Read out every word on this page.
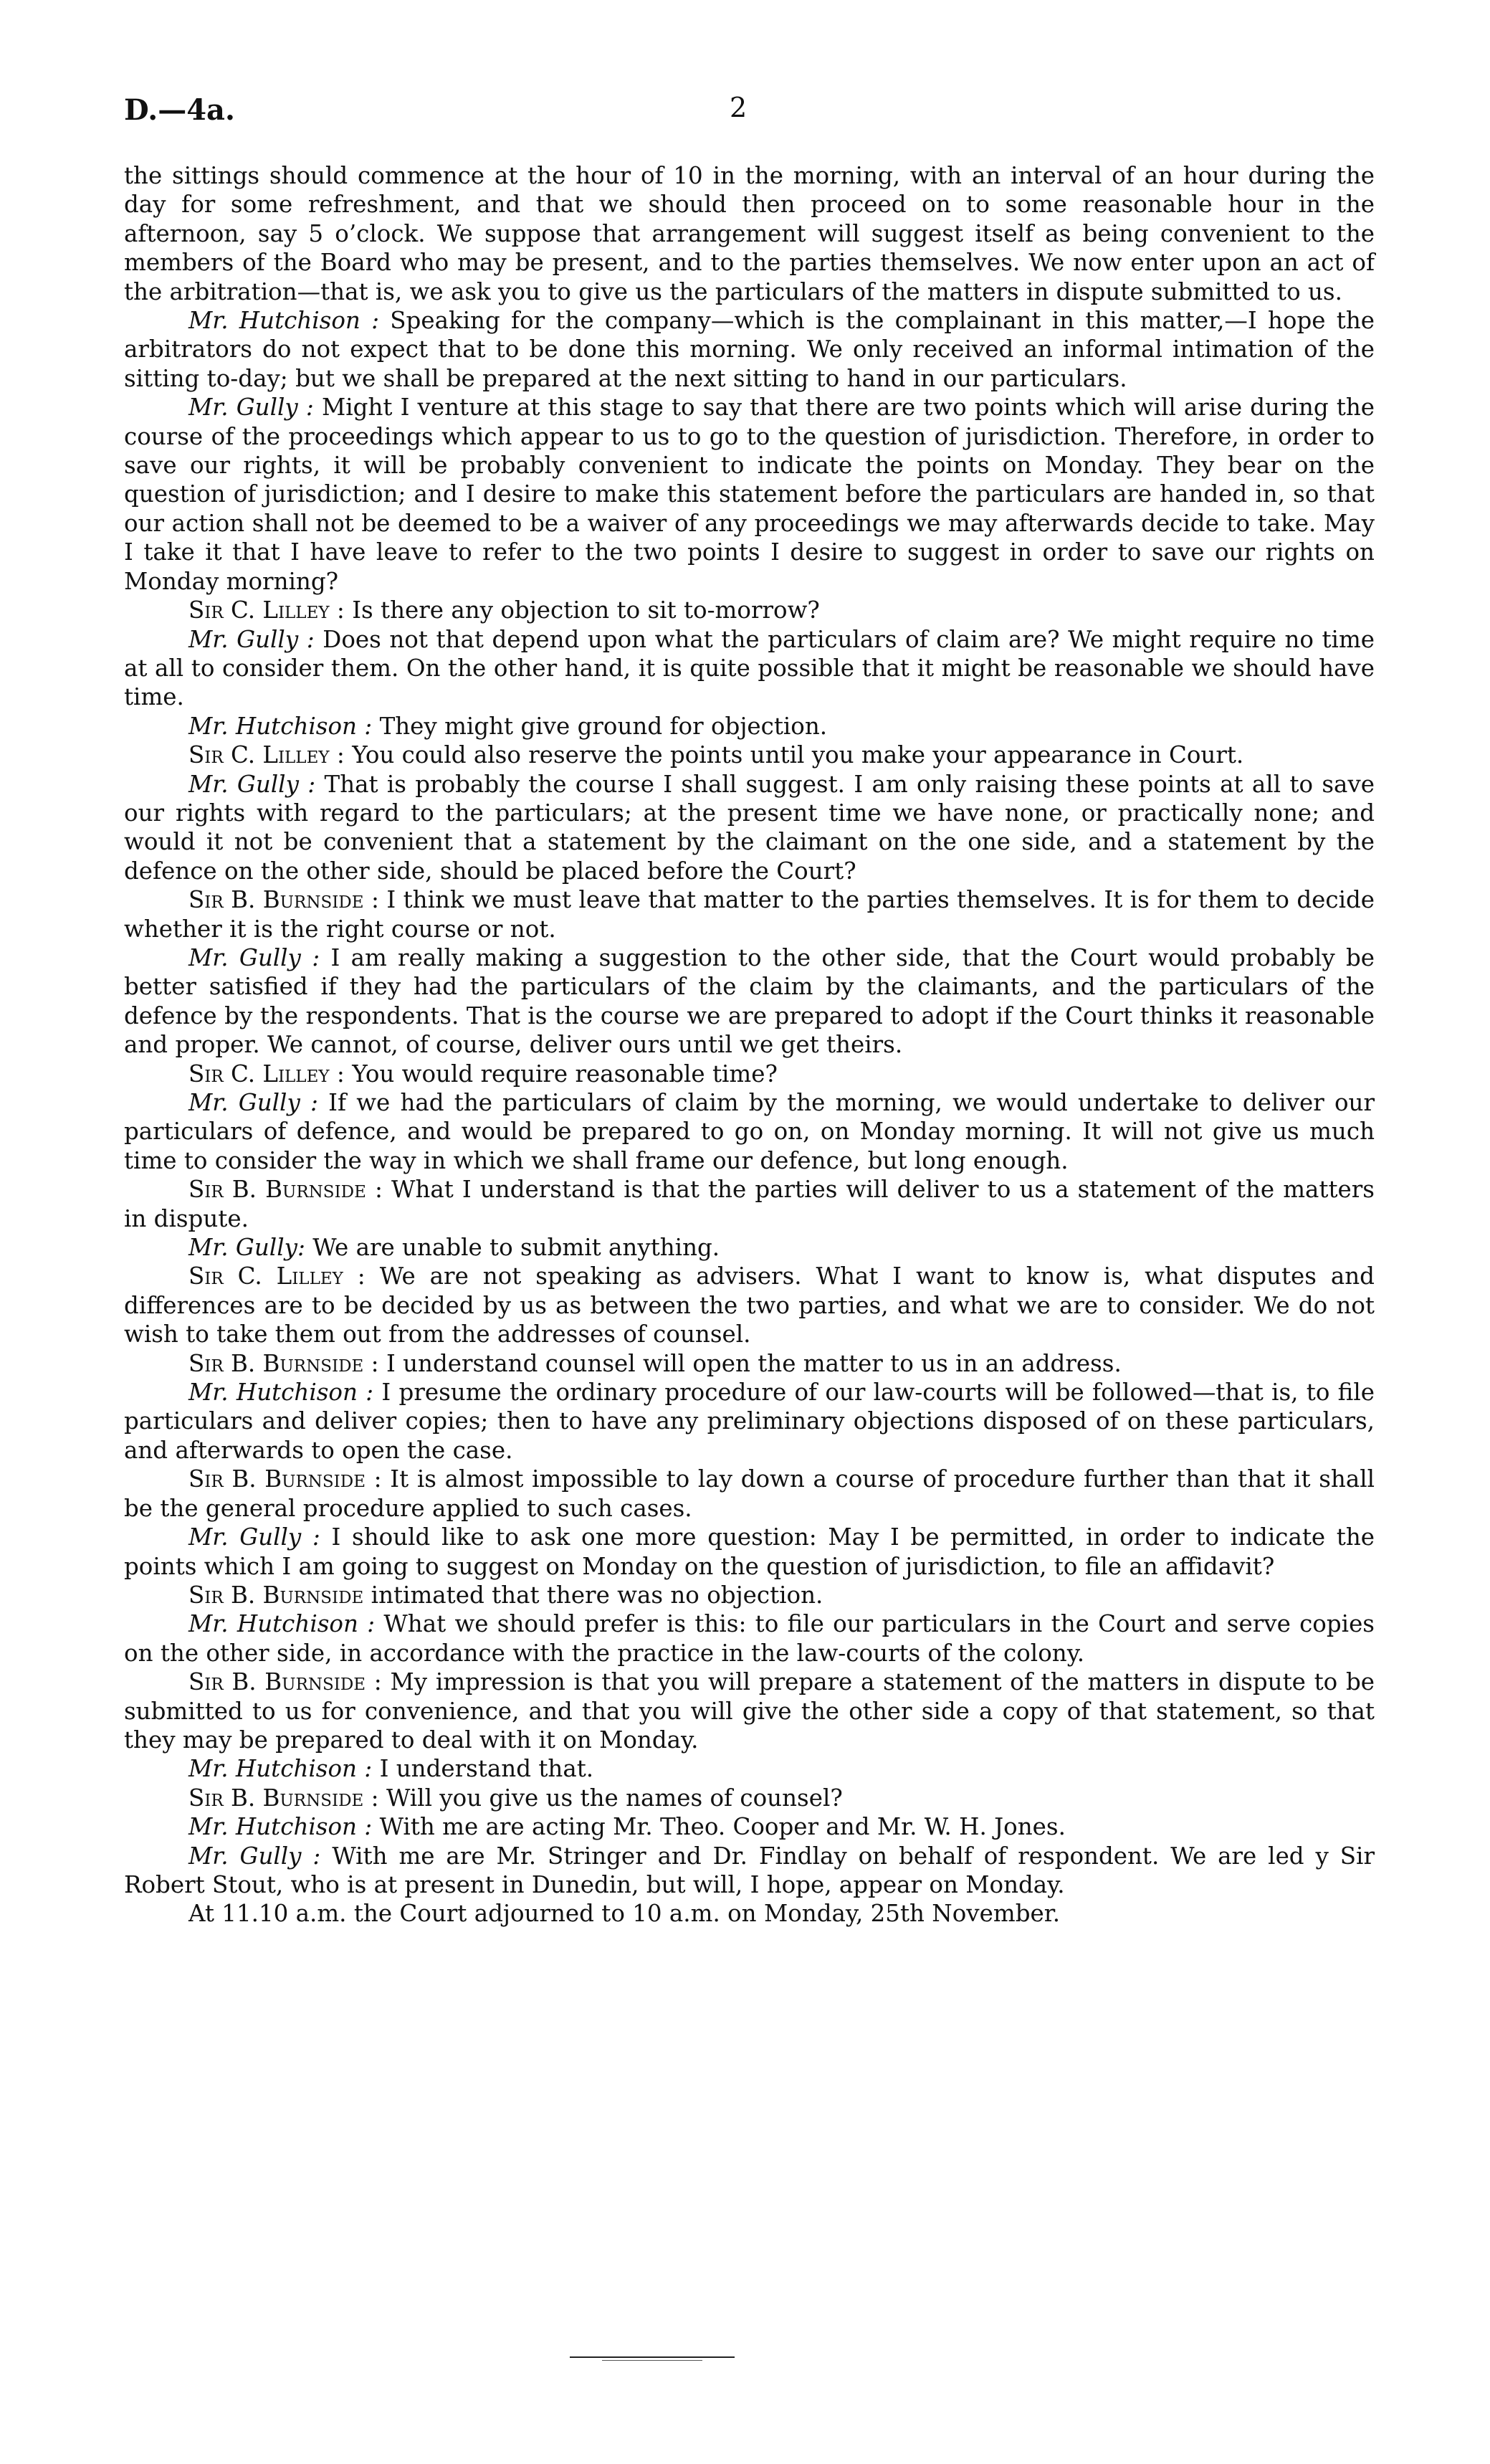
D.—4a.	2

the sittings should commence at the hour of 10 in the morning, with an interval of an hour during the day for some refreshment, and that we should then proceed on to some reasonable hour in the afternoon, say 5 o’clock. We suppose that arrangement will suggest itself as being convenient to the members of the Board who may be present, and to the parties themselves. We now enter upon an act of the arbitration—that is, we ask you to give us the particulars of the matters in dispute submitted to us.

Mr. Hutchison : Speaking for the company—which is the complainant in this matter,—I hope the arbitrators do not expect that to be done this morning. We only received an informal intimation of the sitting to-day; but we shall be prepared at the next sitting to hand in our particulars.

Mr. Gully : Might I venture at this stage to say that there are two points which will arise during the course of the proceedings which appear to us to go to the question of jurisdiction. Therefore, in order to save our rights, it will be probably convenient to indicate the points on Monday. They bear on the question of jurisdiction; and I desire to make this statement before the particulars are handed in, so that our action shall not be deemed to be a waiver of any proceedings we may afterwards decide to take. May I take it that I have leave to refer to the two points I desire to suggest in order to save our rights on Monday morning?

Sir C. Lilley : Is there any objection to sit to-morrow?

Mr. Gully : Does not that depend upon what the particulars of claim are? We might require no time at all to consider them. On the other hand, it is quite possible that it might be reasonable we should have time.

Mr. Hutchison : They might give ground for objection.

Sir C. Lilley : You could also reserve the points until you make your appearance in Court.

Mr. Gully : That is probably the course I shall suggest. I am only raising these points at all to save our rights with regard to the particulars; at the present time we have none, or practically none; and would it not be convenient that a statement by the claimant on the one side, and a statement by the defence on the other side, should be placed before the Court?

Sir B. Burnside : I think we must leave that matter to the parties themselves. It is for them to decide whether it is the right course or not.

Mr. Gully : I am really making a suggestion to the other side, that the Court would probably be better satisfied if they had the particulars of the claim by the claimants, and the particulars of the defence by the respondents. That is the course we are prepared to adopt if the Court thinks it reasonable and proper. We cannot, of course, deliver ours until we get theirs.

Sir C. Lilley : You would require reasonable time?

Mr. Gully : If we had the particulars of claim by the morning, we would undertake to deliver our particulars of defence, and would be prepared to go on, on Monday morning. It will not give us much time to consider the way in which we shall frame our defence, but long enough.

Sir B. Burnside : What I understand is that the parties will deliver to us a statement of the matters in dispute.

Mr. Gully: We are unable to submit anything.

Sir C. Lilley : We are not speaking as advisers. What I want to know is, what disputes and differences are to be decided by us as between the two parties, and what we are to consider. We do not wish to take them out from the addresses of counsel.

Sir B. Burnside : I understand counsel will open the matter to us in an address.

Mr. Hutchison : I presume the ordinary procedure of our law-courts will be followed—that is, to file particulars and deliver copies; then to have any preliminary objections disposed of on these particulars, and afterwards to open the case.

Sir B. Burnside : It is almost impossible to lay down a course of procedure further than that it shall be the general procedure applied to such cases.

Mr. Gully : I should like to ask one more question: May I be permitted, in order to indicate the points which I am going to suggest on Monday on the question of jurisdiction, to file an affidavit?

Sir B. Burnside intimated that there was no objection.

Mr. Hutchison : What we should prefer is this: to file our particulars in the Court and serve copies on the other side, in accordance with the practice in the law-courts of the colony.

Sir B. Burnside : My impression is that you will prepare a statement of the matters in dispute to be submitted to us for convenience, and that you will give the other side a copy of that statement, so that they may be prepared to deal with it on Monday.

Mr. Hutchison : I understand that.

Sir B. Burnside : Will you give us the names of counsel?

Mr. Hutchison : With me are acting Mr. Theo. Cooper and Mr. W. H. Jones.

Mr. Gully : With me are Mr. Stringer and Dr. Findlay on behalf of respondent. We are led y Sir Robert Stout, who is at present in Dunedin, but will, I hope, appear on Monday.

At 11.10 a.m. the Court adjourned to 10 a.m. on Monday, 25th November.
